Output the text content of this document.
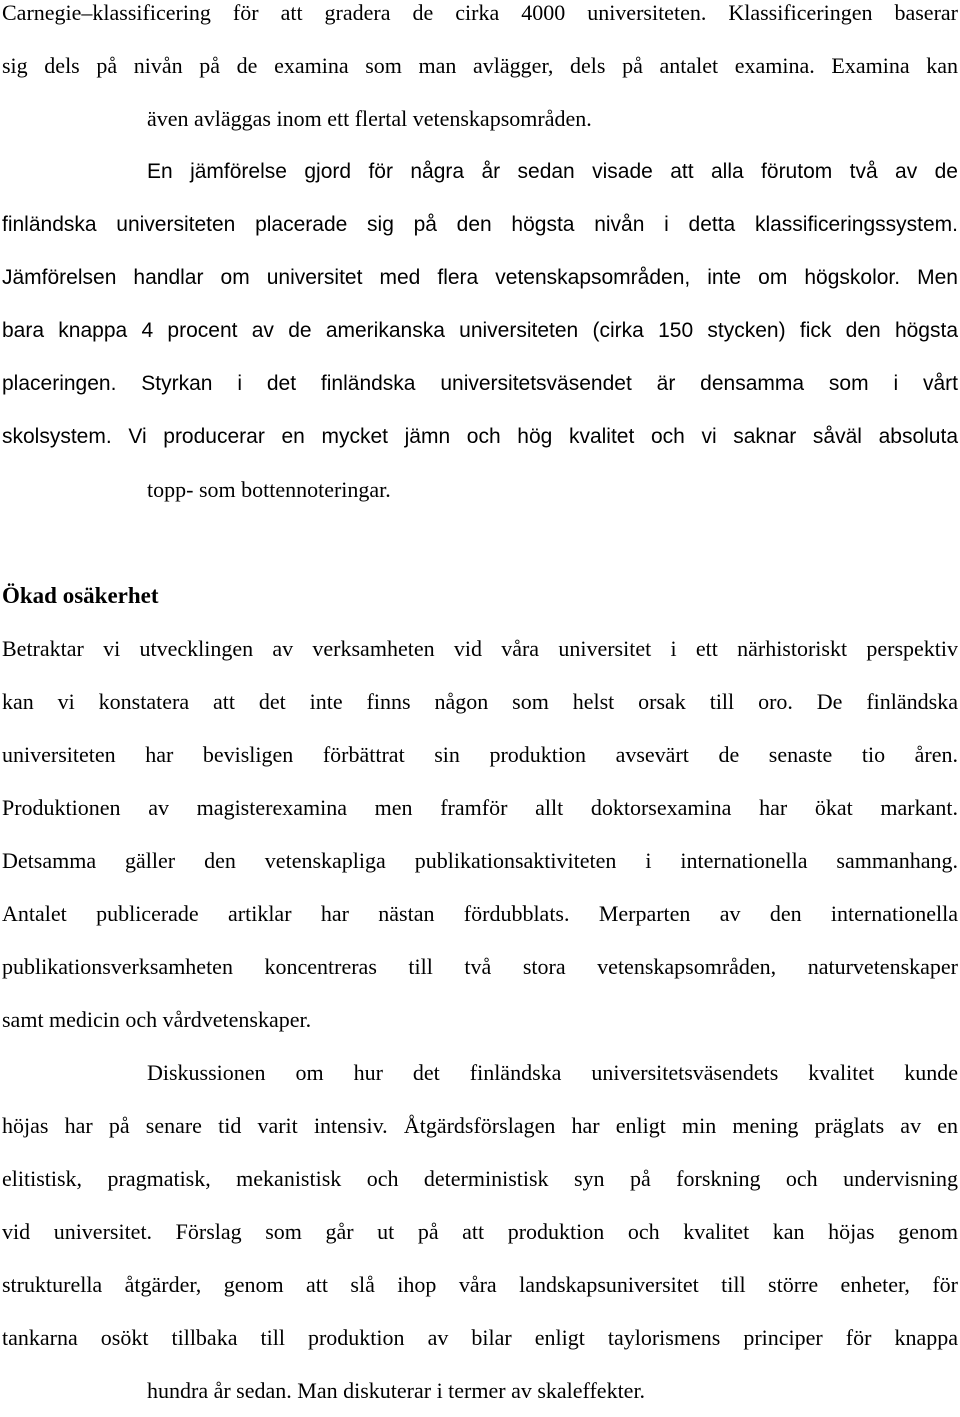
Carnegie–klassificering för att gradera de cirka 4000 universiteten. Klassificeringen baserar
sig dels på nivån på de examina som man avlägger, dels på antalet examina. Examina kan
även avläggas inom ett flertal vetenskapsområden.
En jämförelse gjord för några år sedan visade att alla förutom två av de
finländska universiteten placerade sig på den högsta nivån i detta klassificeringssystem.
Jämförelsen handlar om universitet med flera vetenskapsområden, inte om högskolor. Men
bara knappa 4 procent av de amerikanska universiteten (cirka 150 stycken) fick den högsta
placeringen. Styrkan i det finländska universitetsväsendet är densamma som i vårt
skolsystem. Vi producerar en mycket jämn och hög kvalitet och vi saknar såväl absoluta
topp- som bottennoteringar.
Ökad osäkerhet
Betraktar vi utvecklingen av verksamheten vid våra universitet i ett närhistoriskt perspektiv
kan vi konstatera att det inte finns någon som helst orsak till oro. De finländska
universiteten har bevisligen förbättrat sin produktion avsevärt de senaste tio åren.
Produktionen av magisterexamina men framför allt doktorsexamina har ökat markant.
Detsamma gäller den vetenskapliga publikationsaktiviteten i internationella sammanhang.
Antalet publicerade artiklar har nästan fördubblats. Merparten av den internationella
publikationsverksamheten koncentreras till två stora vetenskapsområden, naturvetenskaper
samt medicin och vårdvetenskaper.
Diskussionen om hur det finländska universitetsväsendets kvalitet kunde
höjas har på senare tid varit intensiv. Åtgärdsförslagen har enligt min mening präglats av en
elitistisk, pragmatisk, mekanistisk och deterministisk syn på forskning och undervisning
vid universitet. Förslag som går ut på att produktion och kvalitet kan höjas genom
strukturella åtgärder, genom att slå ihop våra landskapsuniversitet till större enheter, för
tankarna osökt tillbaka till produktion av bilar enligt taylorismens principer för knappa
hundra år sedan. Man diskuterar i termer av skaleffekter.
